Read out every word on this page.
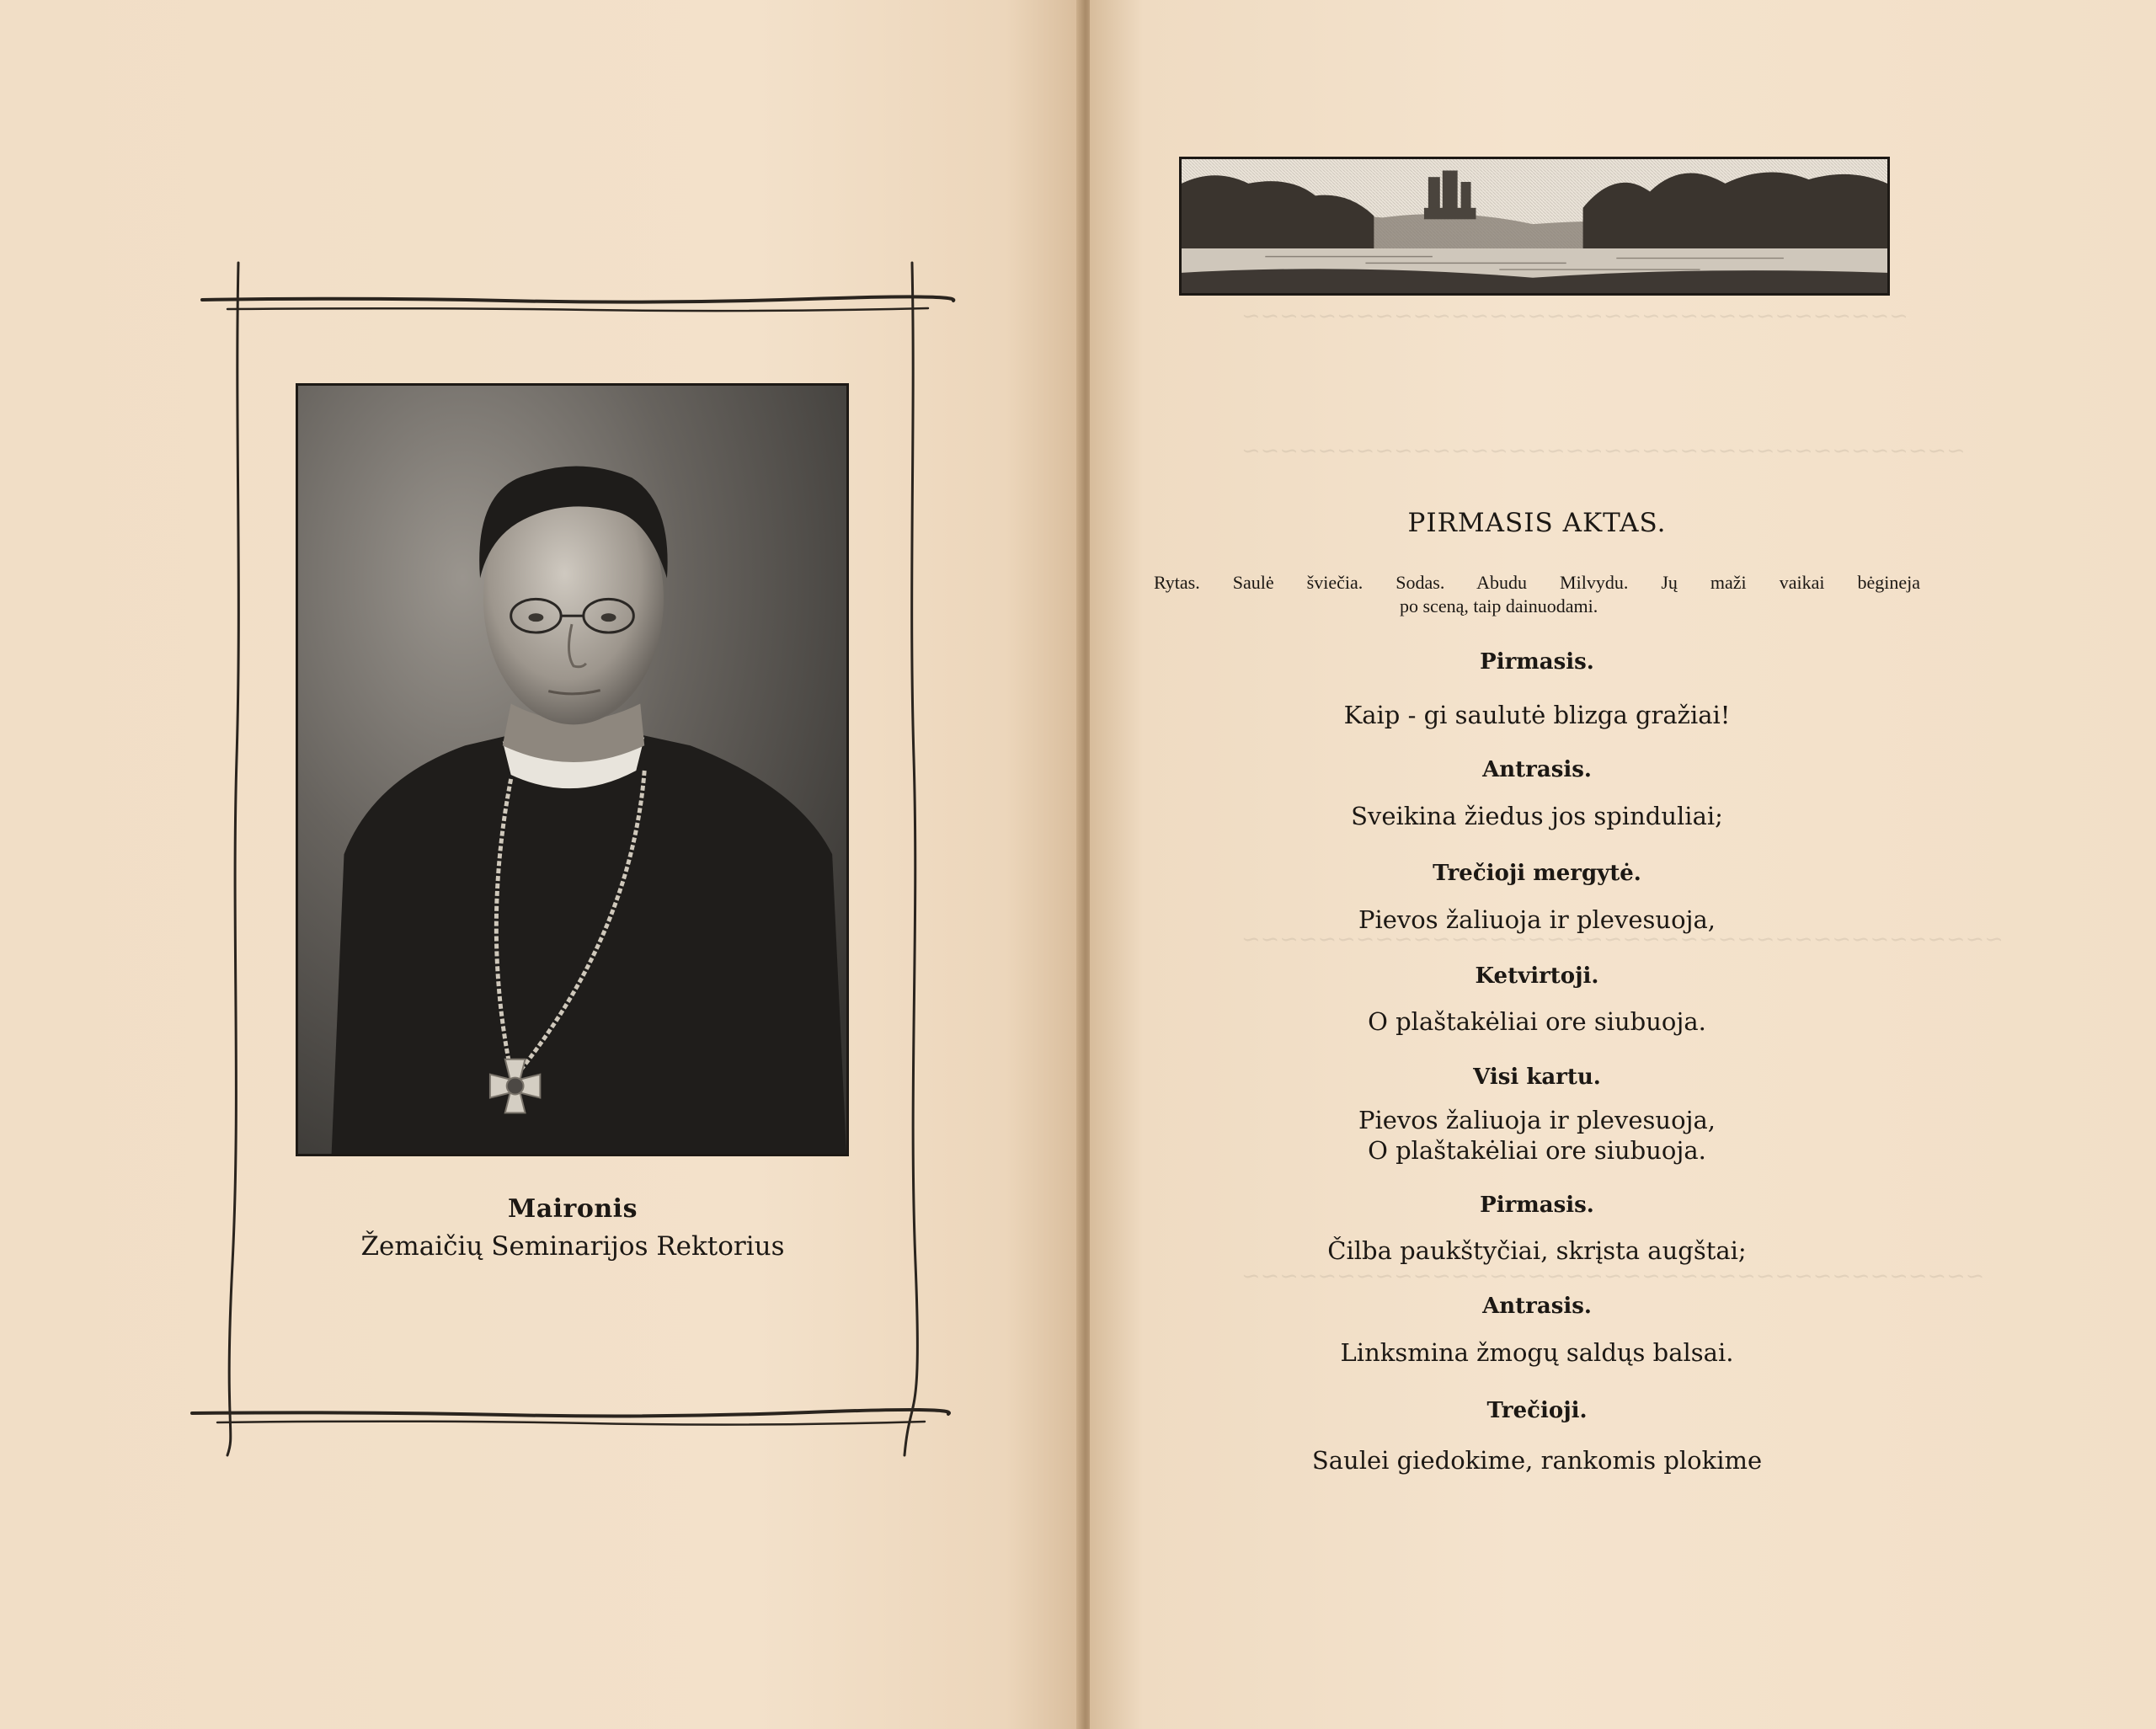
Maironis
Žemaičių Seminarijos Rektorius
~~~~~~~~~~~~~~~~~~~~~~~~~~~~~~~~~~~
~~~~~~~~~~~~~~~~~~~~~~~~~~~~~~~~~~~~~~
~~~~~~~~~~~~~~~~~~~~~~~~~~~~~~~~~~~~~~~~
~~~~~~~~~~~~~~~~~~~~~~~~~~~~~~~~~~~~~~~
PIRMASIS AKTAS.
Rytas. Saulė šviečia. Sodas. Abudu Milvydu. Jų maži vaikai bėgineja
po sceną, taip dainuodami.
Pirmasis.
Kaip - gi saulutė blizga gražiai!
Antrasis.
Sveikina žiedus jos spinduliai;
Trečioji mergytė.
Pievos žaliuoja ir plevesuoja,
Ketvirtoji.
O plaštakėliai ore siubuoja.
Visi kartu.
Pievos žaliuoja ir plevesuoja,
O plaštakėliai ore siubuoja.
Pirmasis.
Čilba paukštyčiai, skrįsta augštai;
Antrasis.
Linksmina žmogų saldųs balsai.
Trečioji.
Saulei giedokime, rankomis plokime
